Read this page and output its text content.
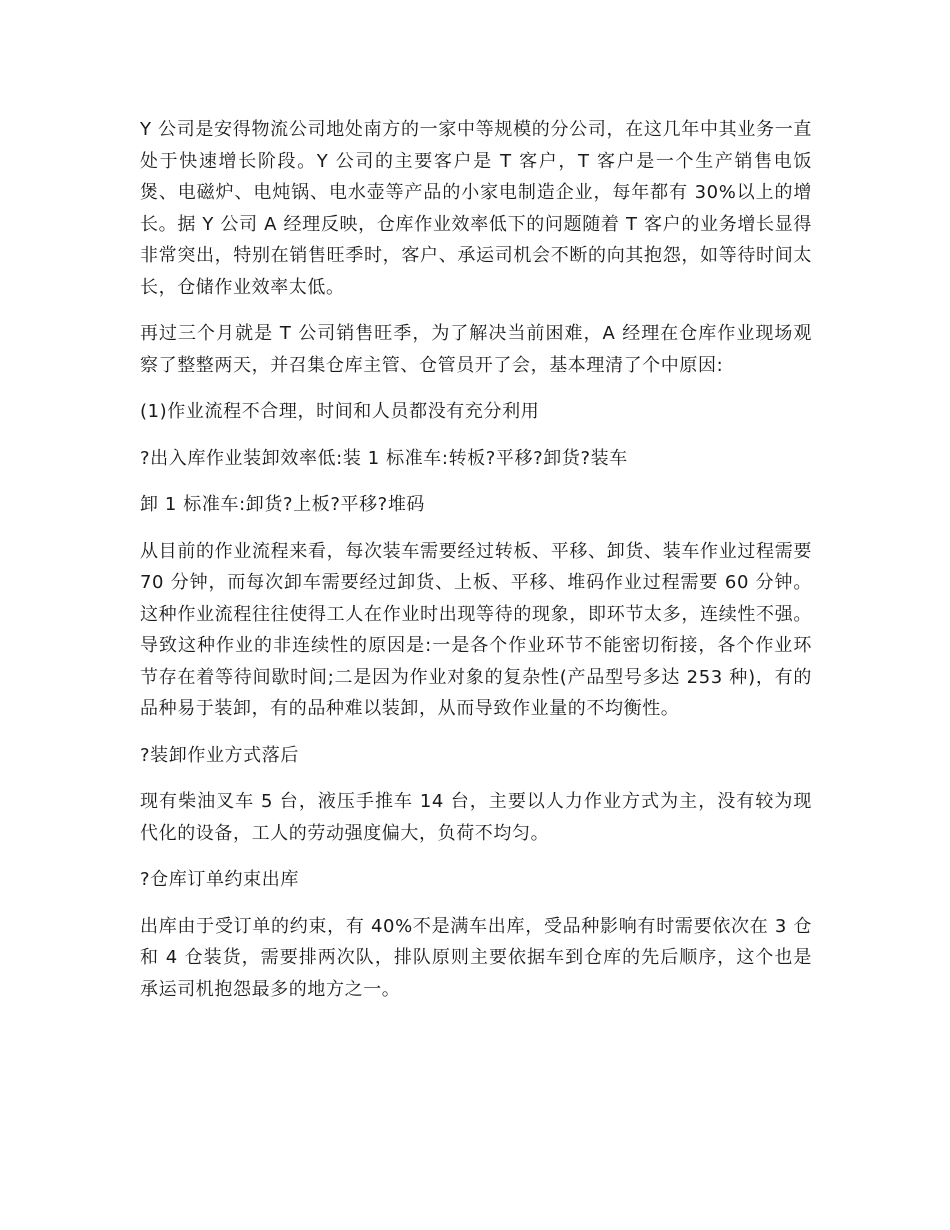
Y 公司是安得物流公司地处南方的一家中等规模的分公司，在这几年中其业务一直处于快速增长阶段。Y 公司的主要客户是 T 客户，T 客户是一个生产销售电饭煲、电磁炉、电炖锅、电水壶等产品的小家电制造企业，每年都有 30%以上的增长。据 Y 公司 A 经理反映，仓库作业效率低下的问题随着 T 客户的业务增长显得非常突出，特别在销售旺季时，客户、承运司机会不断的向其抱怨，如等待时间太长，仓储作业效率太低。

再过三个月就是 T 公司销售旺季，为了解决当前困难，A 经理在仓库作业现场观察了整整两天，并召集仓库主管、仓管员开了会，基本理清了个中原因:

(1)作业流程不合理，时间和人员都没有充分利用

?出入库作业装卸效率低:装 1 标准车:转板?平移?卸货?装车

卸 1 标准车:卸货?上板?平移?堆码

从目前的作业流程来看，每次装车需要经过转板、平移、卸货、装车作业过程需要 70 分钟，而每次卸车需要经过卸货、上板、平移、堆码作业过程需要 60 分钟。这种作业流程往往使得工人在作业时出现等待的现象，即环节太多，连续性不强。导致这种作业的非连续性的原因是:一是各个作业环节不能密切衔接，各个作业环节存在着等待间歇时间;二是因为作业对象的复杂性(产品型号多达 253 种)，有的品种易于装卸，有的品种难以装卸，从而导致作业量的不均衡性。

?装卸作业方式落后

现有柴油叉车 5 台，液压手推车 14 台，主要以人力作业方式为主，没有较为现代化的设备，工人的劳动强度偏大，负荷不均匀。

?仓库订单约束出库

出库由于受订单的约束，有 40%不是满车出库，受品种影响有时需要依次在 3 仓和 4 仓装货，需要排两次队，排队原则主要依据车到仓库的先后顺序，这个也是承运司机抱怨最多的地方之一。
